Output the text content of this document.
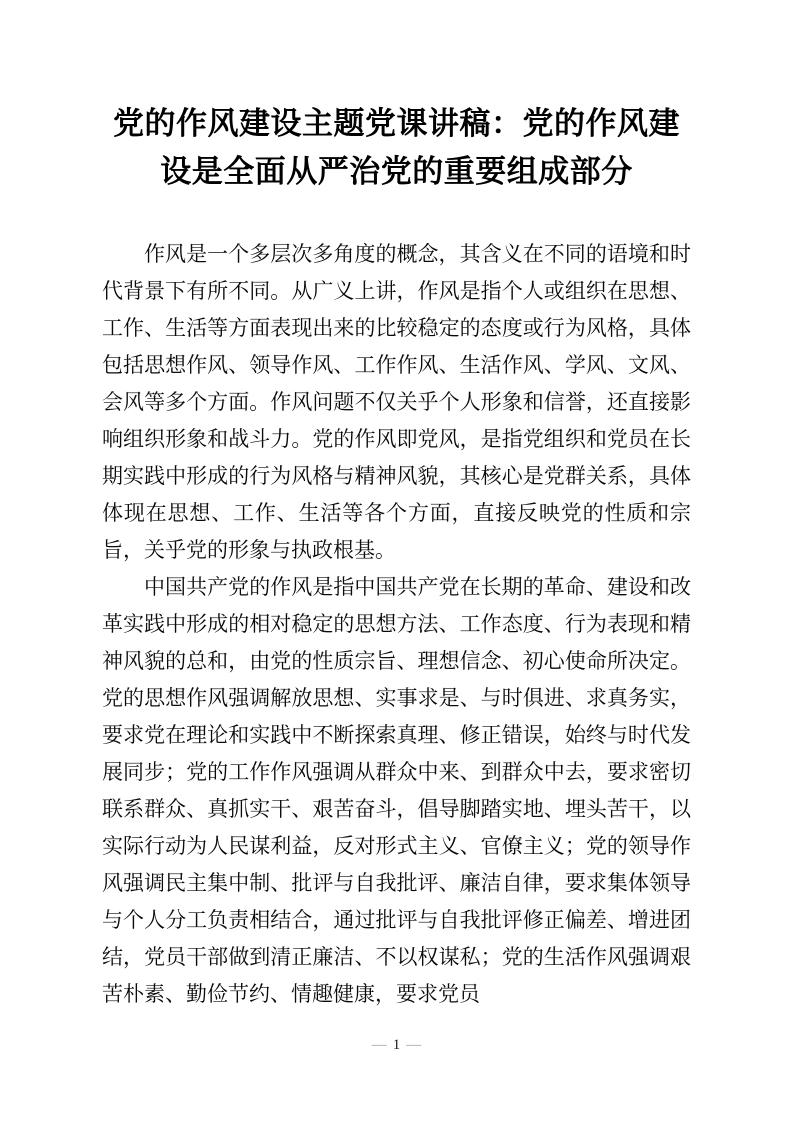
党的作风建设主题党课讲稿：党的作风建设是全面从严治党的重要组成部分

作风是一个多层次多角度的概念，其含义在不同的语境和时代背景下有所不同。从广义上讲，作风是指个人或组织在思想、工作、生活等方面表现出来的比较稳定的态度或行为风格，具体包括思想作风、领导作风、工作作风、生活作风、学风、文风、会风等多个方面。作风问题不仅关乎个人形象和信誉，还直接影响组织形象和战斗力。党的作风即党风，是指党组织和党员在长期实践中形成的行为风格与精神风貌，其核心是党群关系，具体体现在思想、工作、生活等各个方面，直接反映党的性质和宗旨，关乎党的形象与执政根基。

中国共产党的作风是指中国共产党在长期的革命、建设和改革实践中形成的相对稳定的思想方法、工作态度、行为表现和精神风貌的总和，由党的性质宗旨、理想信念、初心使命所决定。党的思想作风强调解放思想、实事求是、与时俱进、求真务实，要求党在理论和实践中不断探索真理、修正错误，始终与时代发展同步；党的工作作风强调从群众中来、到群众中去，要求密切联系群众、真抓实干、艰苦奋斗，倡导脚踏实地、埋头苦干，以实际行动为人民谋利益，反对形式主义、官僚主义；党的领导作风强调民主集中制、批评与自我批评、廉洁自律，要求集体领导与个人分工负责相结合，通过批评与自我批评修正偏差、增进团结，党员干部做到清正廉洁、不以权谋私；党的生活作风强调艰苦朴素、勤俭节约、情趣健康，要求党员

— 1 —
